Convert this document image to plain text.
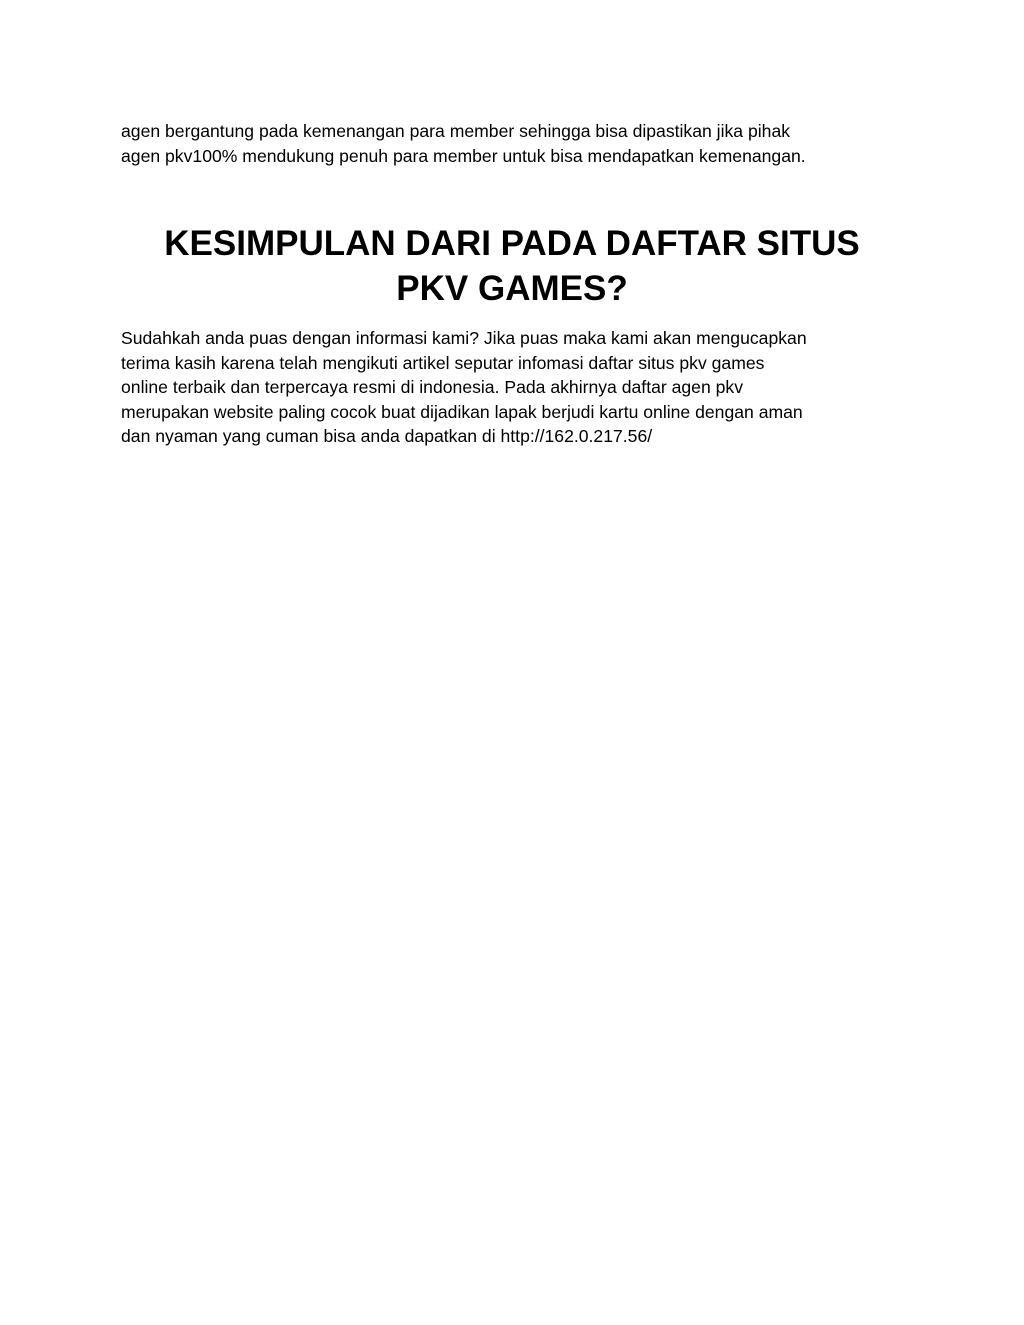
agen bergantung pada kemenangan para member sehingga bisa dipastikan jika pihak
agen pkv100% mendukung penuh para member untuk bisa mendapatkan kemenangan.

KESIMPULAN DARI PADA DAFTAR SITUS
PKV GAMES?

Sudahkah anda puas dengan informasi kami? Jika puas maka kami akan mengucapkan
terima kasih karena telah mengikuti artikel seputar infomasi daftar situs pkv games
online terbaik dan terpercaya resmi di indonesia. Pada akhirnya daftar agen pkv
merupakan website paling cocok buat dijadikan lapak berjudi kartu online dengan aman
dan nyaman yang cuman bisa anda dapatkan di http://162.0.217.56/
